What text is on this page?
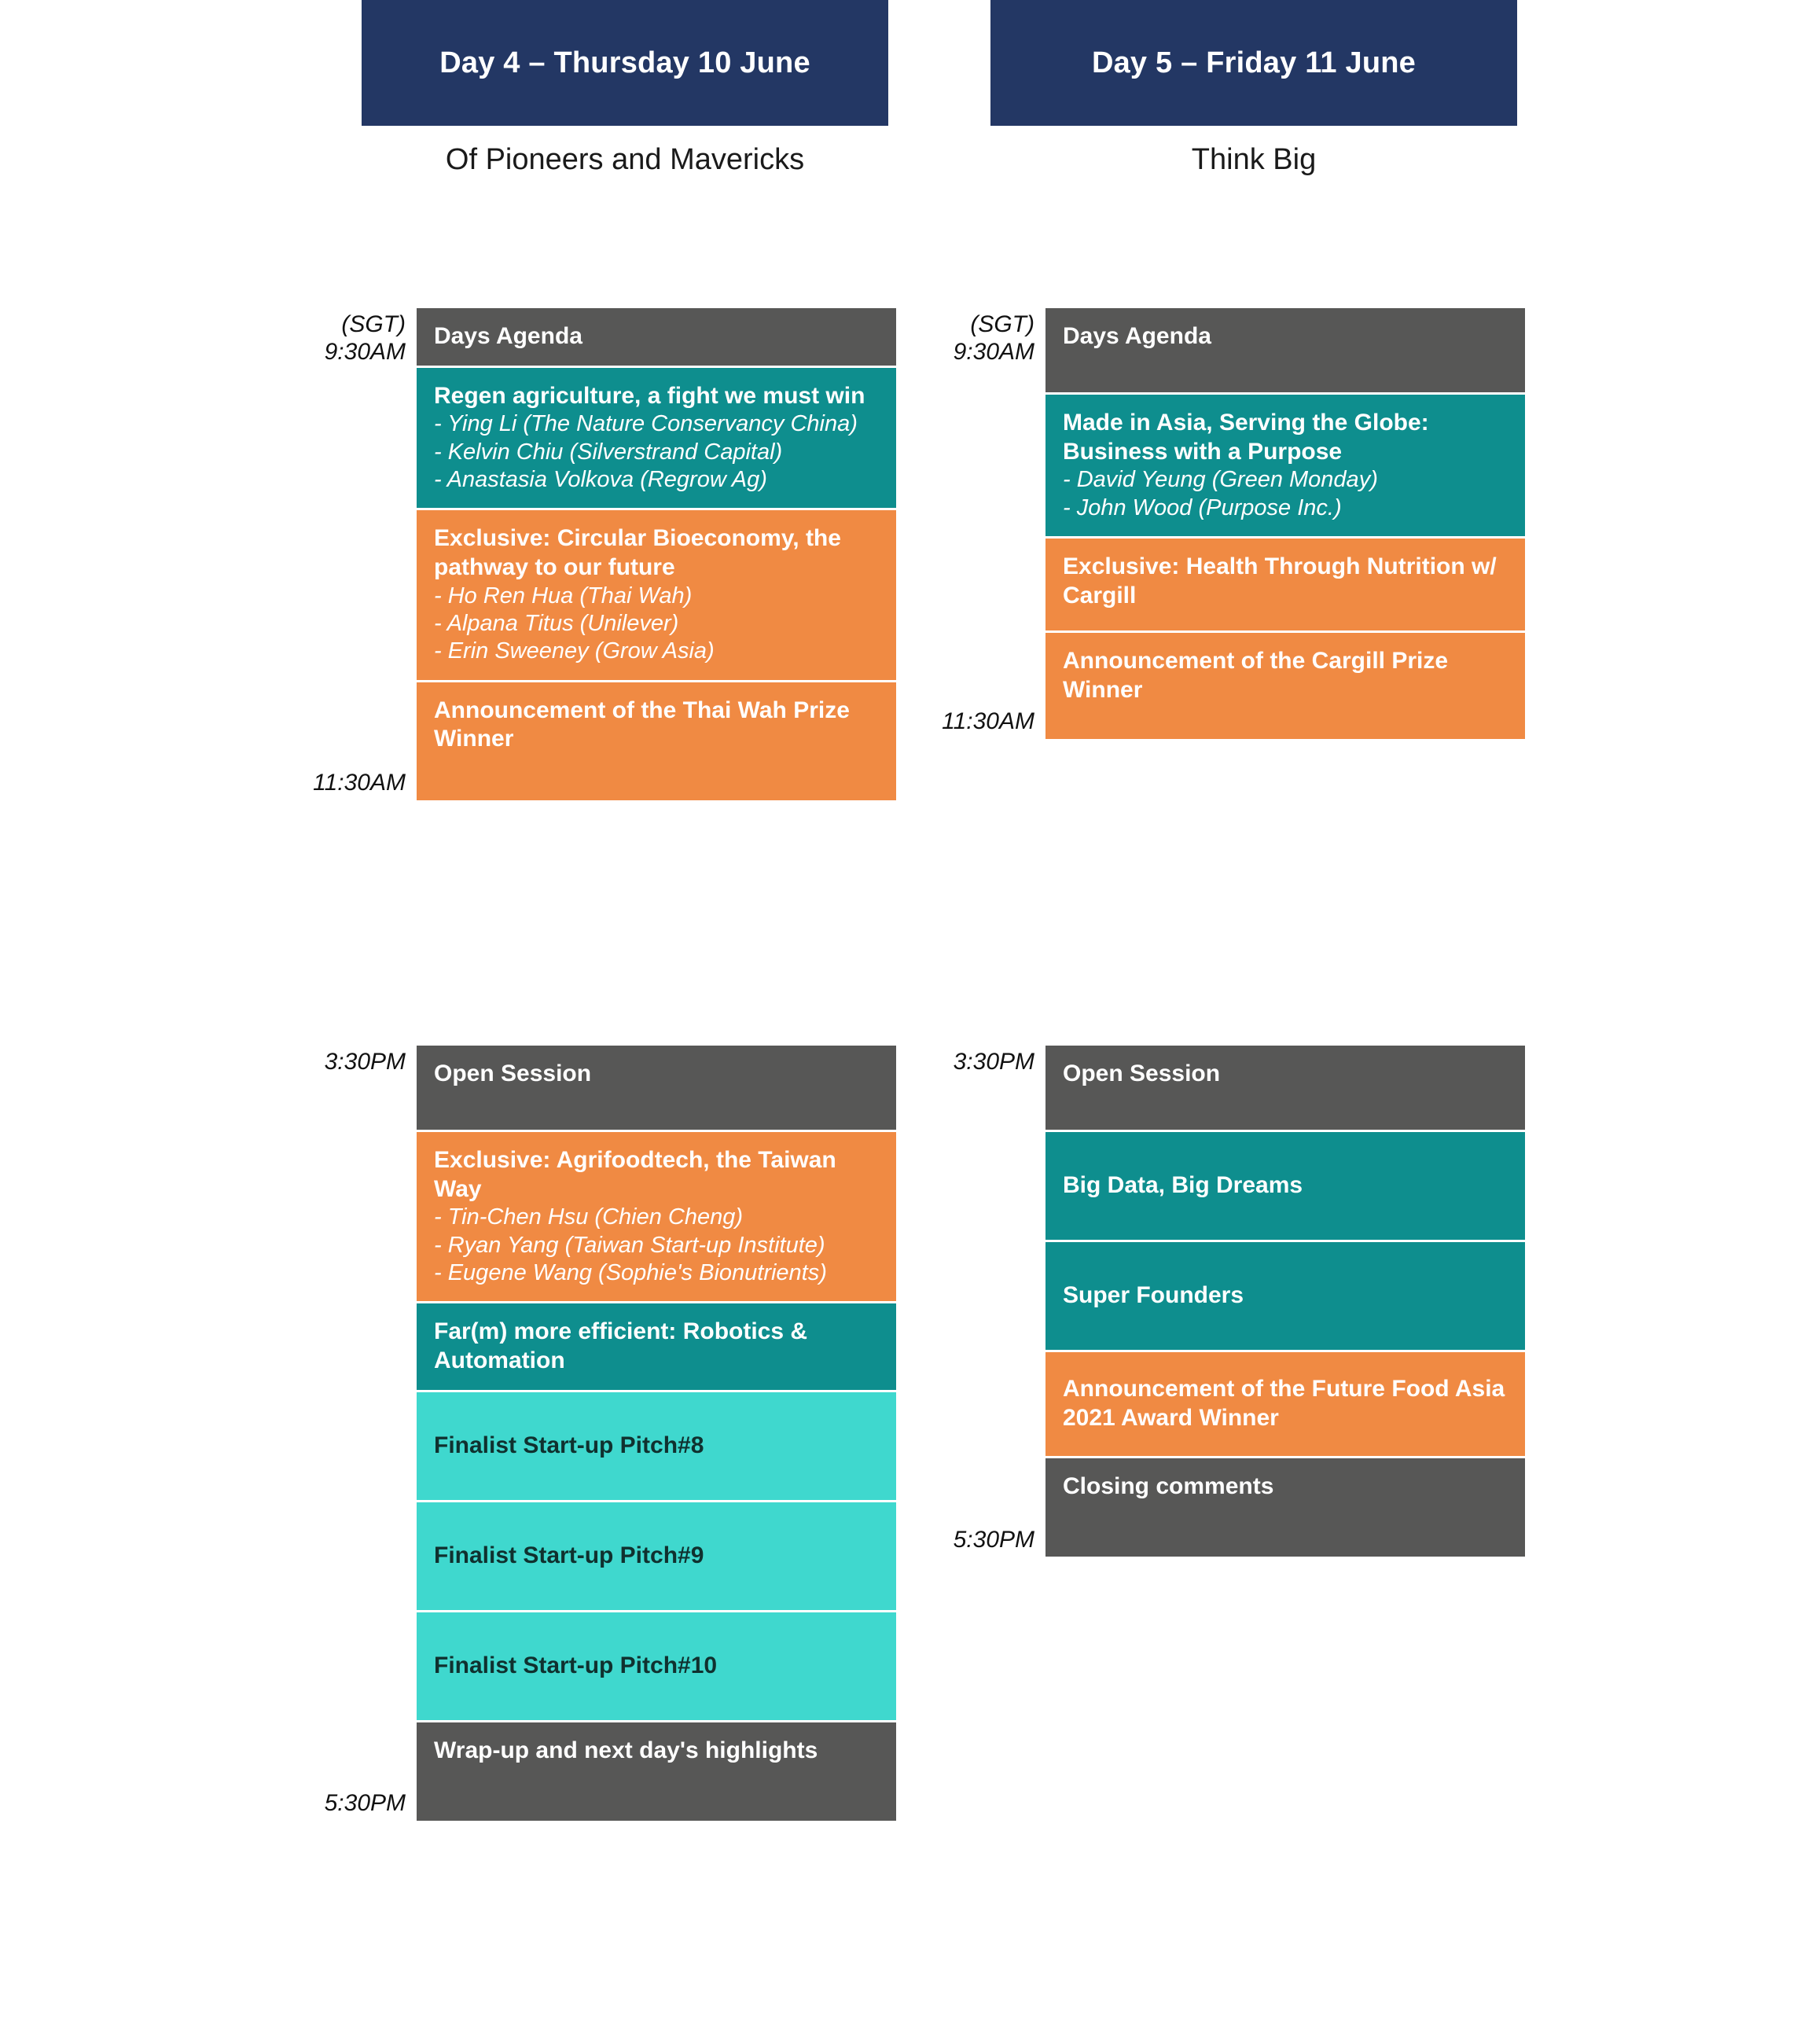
Day 4 – Thursday 10 June
Of Pioneers and Mavericks
(SGT)
9:30AM
11:30AM
Days Agenda
Regen agriculture, a fight we must win
- Ying Li (The Nature Conservancy China)
- Kelvin Chiu (Silverstrand Capital)
- Anastasia Volkova (Regrow Ag)
Exclusive: Circular Bioeconomy, the pathway to our future
- Ho Ren Hua (Thai Wah)
- Alpana Titus (Unilever)
- Erin Sweeney (Grow Asia)
Announcement of the Thai Wah Prize Winner
3:30PM
5:30PM
Open Session
Exclusive: Agrifoodtech, the Taiwan Way
- Tin-Chen Hsu (Chien Cheng)
- Ryan Yang (Taiwan Start-up Institute)
- Eugene Wang (Sophie's Bionutrients)
Far(m) more efficient: Robotics & Automation
Finalist Start-up Pitch#8
Finalist Start-up Pitch#9
Finalist Start-up Pitch#10
Wrap-up and next day's highlights
Day 5 – Friday 11 June
Think Big
(SGT)
9:30AM
11:30AM
Days Agenda
Made in Asia, Serving the Globe: Business with a Purpose
- David Yeung (Green Monday)
- John Wood (Purpose Inc.)
Exclusive: Health Through Nutrition w/ Cargill
Announcement of the Cargill Prize Winner
3:30PM
5:30PM
Open Session
Big Data, Big Dreams
Super Founders
Announcement of the Future Food Asia 2021 Award Winner
Closing comments
